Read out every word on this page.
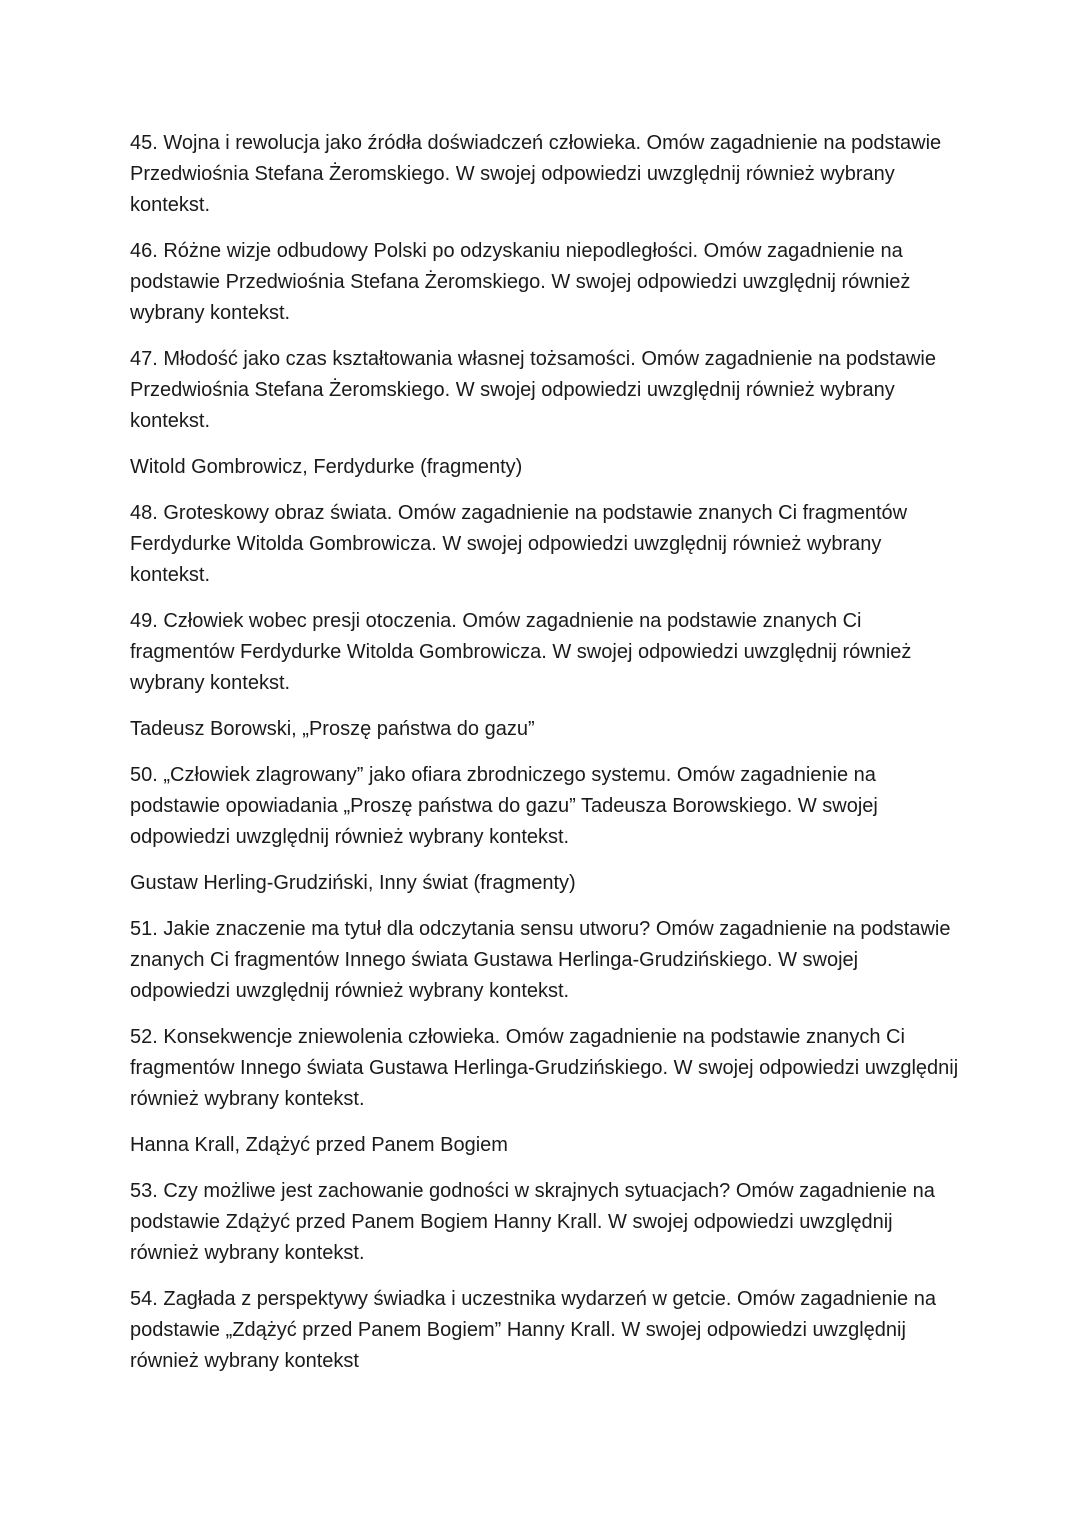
45. Wojna i rewolucja jako źródła doświadczeń człowieka. Omów zagadnienie na podstawie Przedwiośnia Stefana Żeromskiego. W swojej odpowiedzi uwzględnij również wybrany kontekst.

46. Różne wizje odbudowy Polski po odzyskaniu niepodległości. Omów zagadnienie na podstawie Przedwiośnia Stefana Żeromskiego. W swojej odpowiedzi uwzględnij również wybrany kontekst.

47. Młodość jako czas kształtowania własnej tożsamości. Omów zagadnienie na podstawie Przedwiośnia Stefana Żeromskiego. W swojej odpowiedzi uwzględnij również wybrany kontekst.

Witold Gombrowicz, Ferdydurke (fragmenty)

48. Groteskowy obraz świata. Omów zagadnienie na podstawie znanych Ci fragmentów Ferdydurke Witolda Gombrowicza. W swojej odpowiedzi uwzględnij również wybrany kontekst.

49. Człowiek wobec presji otoczenia. Omów zagadnienie na podstawie znanych Ci fragmentów Ferdydurke Witolda Gombrowicza. W swojej odpowiedzi uwzględnij również wybrany kontekst.

Tadeusz Borowski, „Proszę państwa do gazu”

50. „Człowiek zlagrowany” jako ofiara zbrodniczego systemu. Omów zagadnienie na podstawie opowiadania „Proszę państwa do gazu” Tadeusza Borowskiego. W swojej odpowiedzi uwzględnij również wybrany kontekst.

Gustaw Herling-Grudziński, Inny świat (fragmenty)

51. Jakie znaczenie ma tytuł dla odczytania sensu utworu? Omów zagadnienie na podstawie znanych Ci fragmentów Innego świata Gustawa Herlinga-Grudzińskiego. W swojej odpowiedzi uwzględnij również wybrany kontekst.

52. Konsekwencje zniewolenia człowieka. Omów zagadnienie na podstawie znanych Ci fragmentów Innego świata Gustawa Herlinga-Grudzińskiego. W swojej odpowiedzi uwzględnij również wybrany kontekst.

Hanna Krall, Zdążyć przed Panem Bogiem

53. Czy możliwe jest zachowanie godności w skrajnych sytuacjach? Omów zagadnienie na podstawie Zdążyć przed Panem Bogiem Hanny Krall. W swojej odpowiedzi uwzględnij również wybrany kontekst.

54. Zagłada z perspektywy świadka i uczestnika wydarzeń w getcie. Omów zagadnienie na podstawie „Zdążyć przed Panem Bogiem” Hanny Krall. W swojej odpowiedzi uwzględnij również wybrany kontekst
